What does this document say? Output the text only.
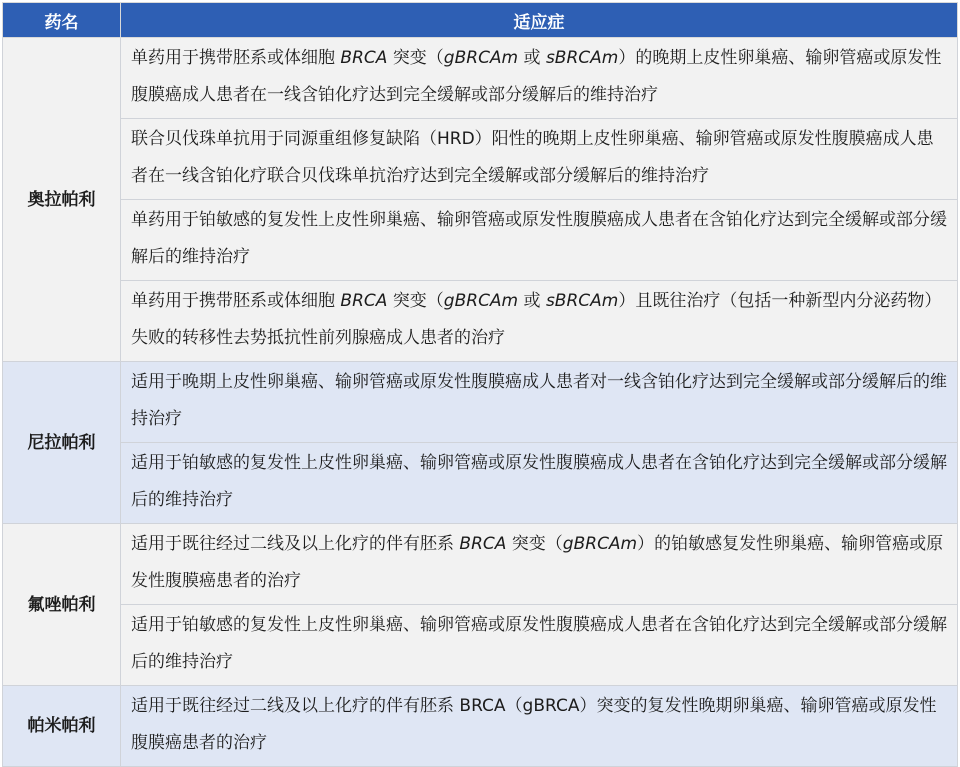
药名	适应症
奥拉帕利	单药用于携带胚系或体细胞 BRCA 突变（gBRCAm 或 sBRCAm）的晚期上皮性卵巢癌、输卵管癌或原发性腹膜癌成人患者在一线含铂化疗达到完全缓解或部分缓解后的维持治疗
	联合贝伐珠单抗用于同源重组修复缺陷（HRD）阳性的晚期上皮性卵巢癌、输卵管癌或原发性腹膜癌成人患者在一线含铂化疗联合贝伐珠单抗治疗达到完全缓解或部分缓解后的维持治疗
	单药用于铂敏感的复发性上皮性卵巢癌、输卵管癌或原发性腹膜癌成人患者在含铂化疗达到完全缓解或部分缓解后的维持治疗
	单药用于携带胚系或体细胞 BRCA 突变（gBRCAm 或 sBRCAm）且既往治疗（包括一种新型内分泌药物）失败的转移性去势抵抗性前列腺癌成人患者的治疗
尼拉帕利	适用于晚期上皮性卵巢癌、输卵管癌或原发性腹膜癌成人患者对一线含铂化疗达到完全缓解或部分缓解后的维持治疗
	适用于铂敏感的复发性上皮性卵巢癌、输卵管癌或原发性腹膜癌成人患者在含铂化疗达到完全缓解或部分缓解后的维持治疗
氟唑帕利	适用于既往经过二线及以上化疗的伴有胚系 BRCA 突变（gBRCAm）的铂敏感复发性卵巢癌、输卵管癌或原发性腹膜癌患者的治疗
	适用于铂敏感的复发性上皮性卵巢癌、输卵管癌或原发性腹膜癌成人患者在含铂化疗达到完全缓解或部分缓解后的维持治疗
帕米帕利	适用于既往经过二线及以上化疗的伴有胚系 BRCA（gBRCA）突变的复发性晚期卵巢癌、输卵管癌或原发性腹膜癌患者的治疗
